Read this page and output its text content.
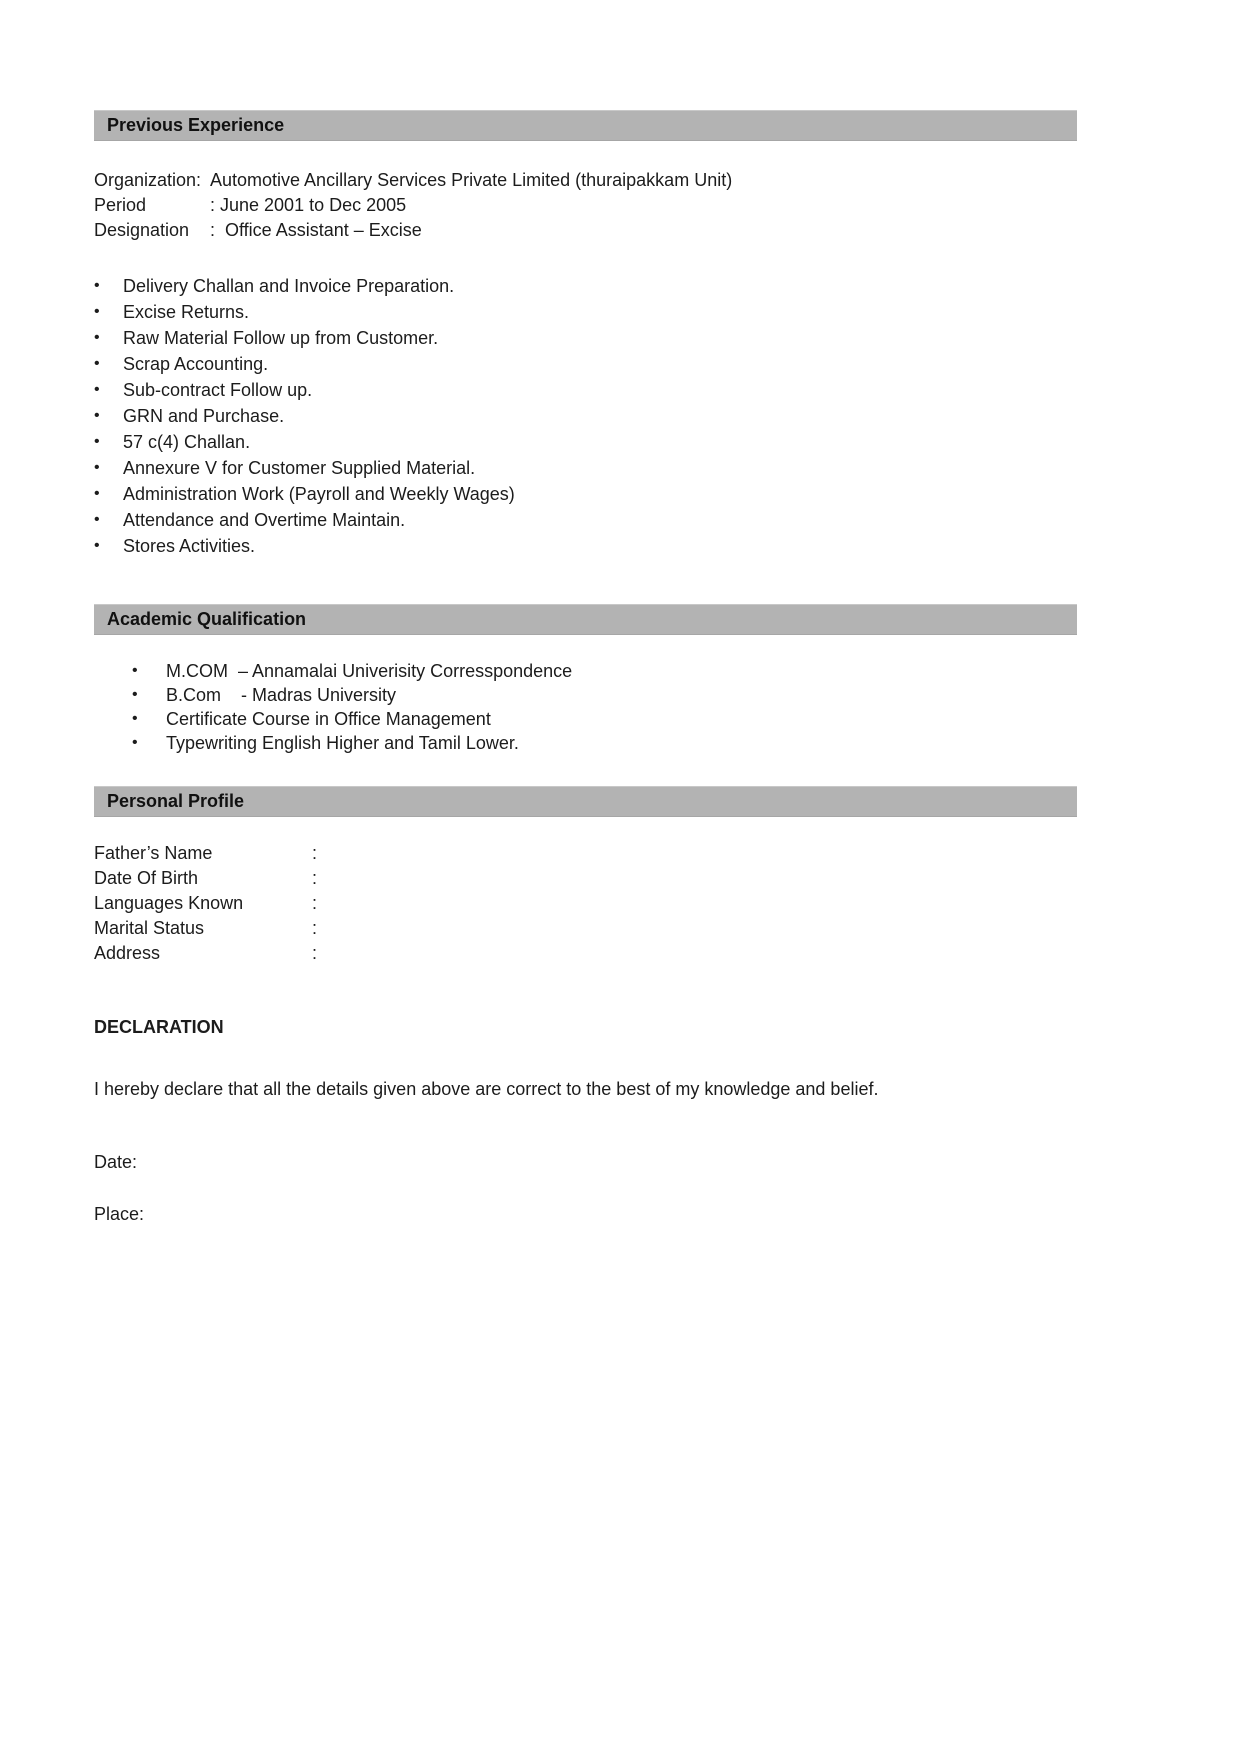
Previous Experience
Organization: Automotive Ancillary Services Private Limited (thuraipakkam Unit)
Period	: June 2001 to Dec 2005
Designation	:  Office Assistant – Excise
•	Delivery Challan and Invoice Preparation.
•	Excise Returns.
•	Raw Material Follow up from Customer.
•	Scrap Accounting.
•	Sub-contract Follow up.
•	GRN and Purchase.
•	57 c(4) Challan.
•	Annexure V for Customer Supplied Material.
•	Administration Work (Payroll and Weekly Wages)
•	Attendance and Overtime Maintain.
•	Stores Activities.
Academic Qualification
•	M.COM  – Annamalai Univerisity Corresspondence
•	B.Com    - Madras University
•	Certificate Course in Office Management
•	Typewriting English Higher and Tamil Lower.
Personal Profile
Father’s Name	:
Date Of Birth	:
Languages Known	:
Marital Status	:
Address	:
DECLARATION
I hereby declare that all the details given above are correct to the best of my knowledge and belief.
Date:
Place:
